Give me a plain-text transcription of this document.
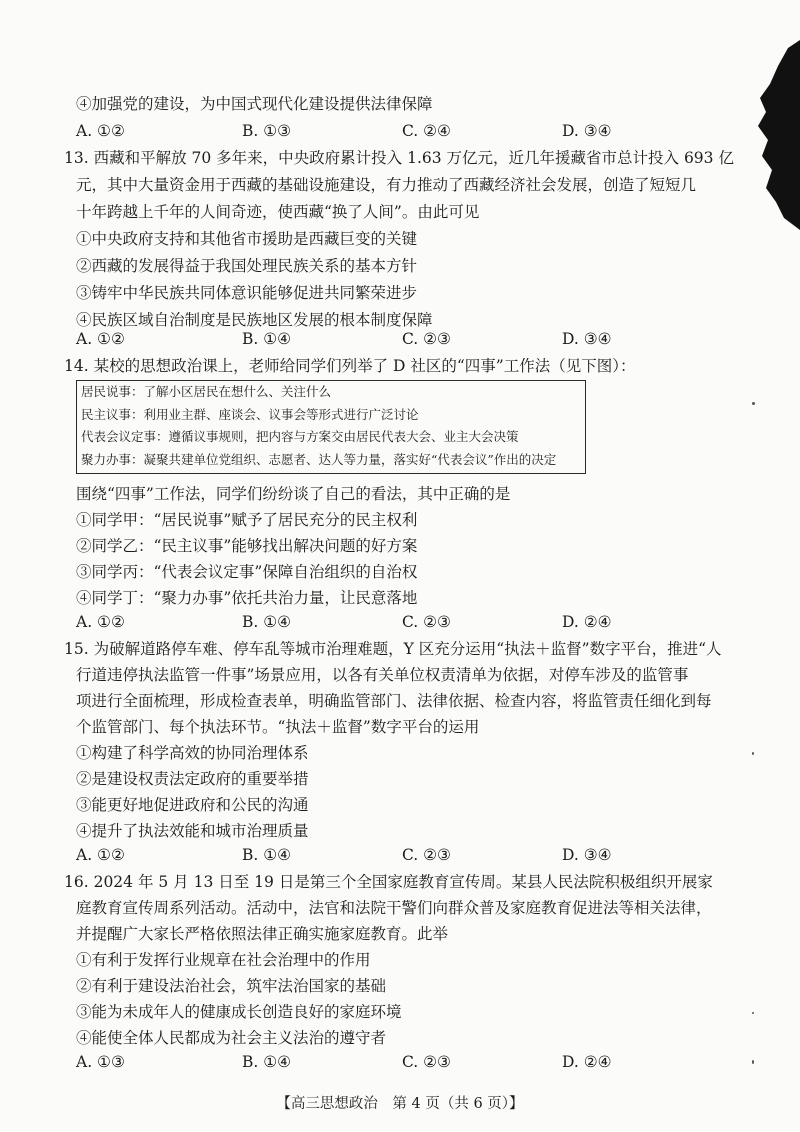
④加强党的建设，为中国式现代化建设提供法律保障
A. ①②	B. ①③	C. ②④	D. ③④
13. 西藏和平解放 70 多年来，中央政府累计投入 1.63 万亿元，近几年援藏省市总计投入 693 亿
元，其中大量资金用于西藏的基础设施建设，有力推动了西藏经济社会发展，创造了短短几
十年跨越上千年的人间奇迹，使西藏“换了人间”。由此可见
①中央政府支持和其他省市援助是西藏巨变的关键
②西藏的发展得益于我国处理民族关系的基本方针
③铸牢中华民族共同体意识能够促进共同繁荣进步
④民族区域自治制度是民族地区发展的根本制度保障
A. ①②	B. ①④	C. ②③	D. ③④
14. 某校的思想政治课上，老师给同学们列举了 D 社区的“四事”工作法（见下图）：
居民说事：了解小区居民在想什么、关注什么
民主议事：利用业主群、座谈会、议事会等形式进行广泛讨论
代表会议定事：遵循议事规则，把内容与方案交由居民代表大会、业主大会决策
聚力办事：凝聚共建单位党组织、志愿者、达人等力量，落实好“代表会议”作出的决定
围绕“四事”工作法，同学们纷纷谈了自己的看法，其中正确的是
①同学甲：“居民说事”赋予了居民充分的民主权利
②同学乙：“民主议事”能够找出解决问题的好方案
③同学丙：“代表会议定事”保障自治组织的自治权
④同学丁：“聚力办事”依托共治力量，让民意落地
A. ①②	B. ①④	C. ②③	D. ②④
15. 为破解道路停车难、停车乱等城市治理难题，Y 区充分运用“执法＋监督”数字平台，推进“人
行道违停执法监管一件事”场景应用，以各有关单位权责清单为依据，对停车涉及的监管事
项进行全面梳理，形成检查表单，明确监管部门、法律依据、检查内容，将监管责任细化到每
个监管部门、每个执法环节。“执法＋监督”数字平台的运用
①构建了科学高效的协同治理体系
②是建设权责法定政府的重要举措
③能更好地促进政府和公民的沟通
④提升了执法效能和城市治理质量
A. ①②	B. ①④	C. ②③	D. ③④
16. 2024 年 5 月 13 日至 19 日是第三个全国家庭教育宣传周。某县人民法院积极组织开展家
庭教育宣传周系列活动。活动中，法官和法院干警们向群众普及家庭教育促进法等相关法律，
并提醒广大家长严格依照法律正确实施家庭教育。此举
①有利于发挥行业规章在社会治理中的作用
②有利于建设法治社会，筑牢法治国家的基础
③能为未成年人的健康成长创造良好的家庭环境
④能使全体人民都成为社会主义法治的遵守者
A. ①③	B. ①④	C. ②③	D. ②④
【高三思想政治　第 4 页（共 6 页）】
